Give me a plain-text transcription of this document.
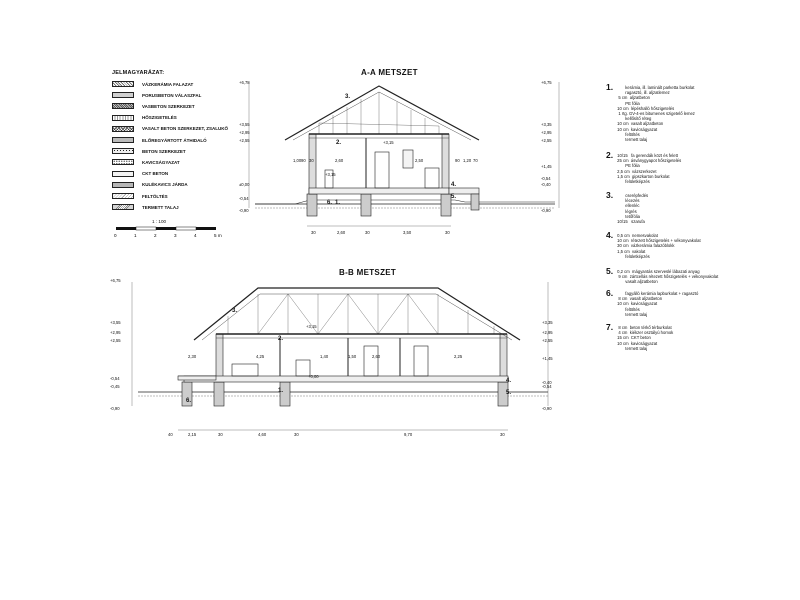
JELMAGYARÁZAT:
VÁZKERÁMIA FALAZAT
PORUSBETON VÁLASZFAL
VASBETON SZERKEZET
HŐSZIGETELÉS
VASALT BETON SZERKEZET, ZSALUKŐ
ELŐREGYÁRTOTT ÁTHIDALÓ
BETON SZERKEZET
KAVICSÁGYAZAT
CKT BETON
KULÉKAVICS JÁRDA
FELTÖLTÉS
TERMETT TALAJ
1 : 100
0	1	2	3	4	5 m
A-A METSZET
+6,78
+3,55
+2,95
+2,55
±0,00
-0,54
-0,90
+6,75
+3,35
+2,95
+2,55
+1,45
-0,54
-0,40
-0,90
+3,15
+3,15
2,60	2,50
30	2,60	30	3,50	30
1,00 90 30	90 1,20 70
1.
2.
3.
4.
5.
6.
B-B METSZET
+6,75
+3,55
+2,95
+2,55
-0,54
-0,45
-0,90
+3,35
+2,95
+2,55
+1,45
-0,40
-0,54
-0,90
+3,15
+0,00
2,30	4,25	1,40	1,50	2,60	2,25
40	2,15	30	4,60	30	9,70	30
1.
2.
3.
4.
5.
6.
1. kerámia, ill. laminált parketta burkolat
ragasztó, ill. aljzatlemez
5 cm  aljzatbeton
PE fólia
10 cm  lépéshalló hőszigetelés
1 rtg. GV-4-es bitumenes szigetelő lemez
kellősítő réteg
10 cm  vasalt aljzatbeton
10 cm  kavicságyazat
feltöltés
termett talaj
2. 10/15   fa gerendák közt és felett
25 cm  ásványgyapot hőszigetelés
PE fólia
2,5 cm  vázszerkezet
1,5 cm  gipszkarton burkolat
felületképzés
3. cserépfedés
lécezés
ellenléc
légrés
tetőfólia
10/15   szarufa
4. 0,5 cm  nemesvakolat
10 cm  rétezett hőszigetelés + vékonyvakolat
30 cm  vázkerámia falazóblokk
1,5 cm  vakolat
felületképzés
5. 0,2 cm  mágyantás szerveslé lábazati anyag
9 cm  zártcellás rétezett hőszigetelés + vékonyvakolat
vasalt aljzatbeton
6. fagyálló kerámia lapburkolat + ragasztó
8 cm  vasalt aljzatbeton
10 cm  kavicságyazat
feltöltés
termett talaj
7. 8 cm  beton térkő térburkolat
4 cm  kiékzer osztályú homok
15 cm  CKT beton
10 cm  kavicságyazat
termett talaj
